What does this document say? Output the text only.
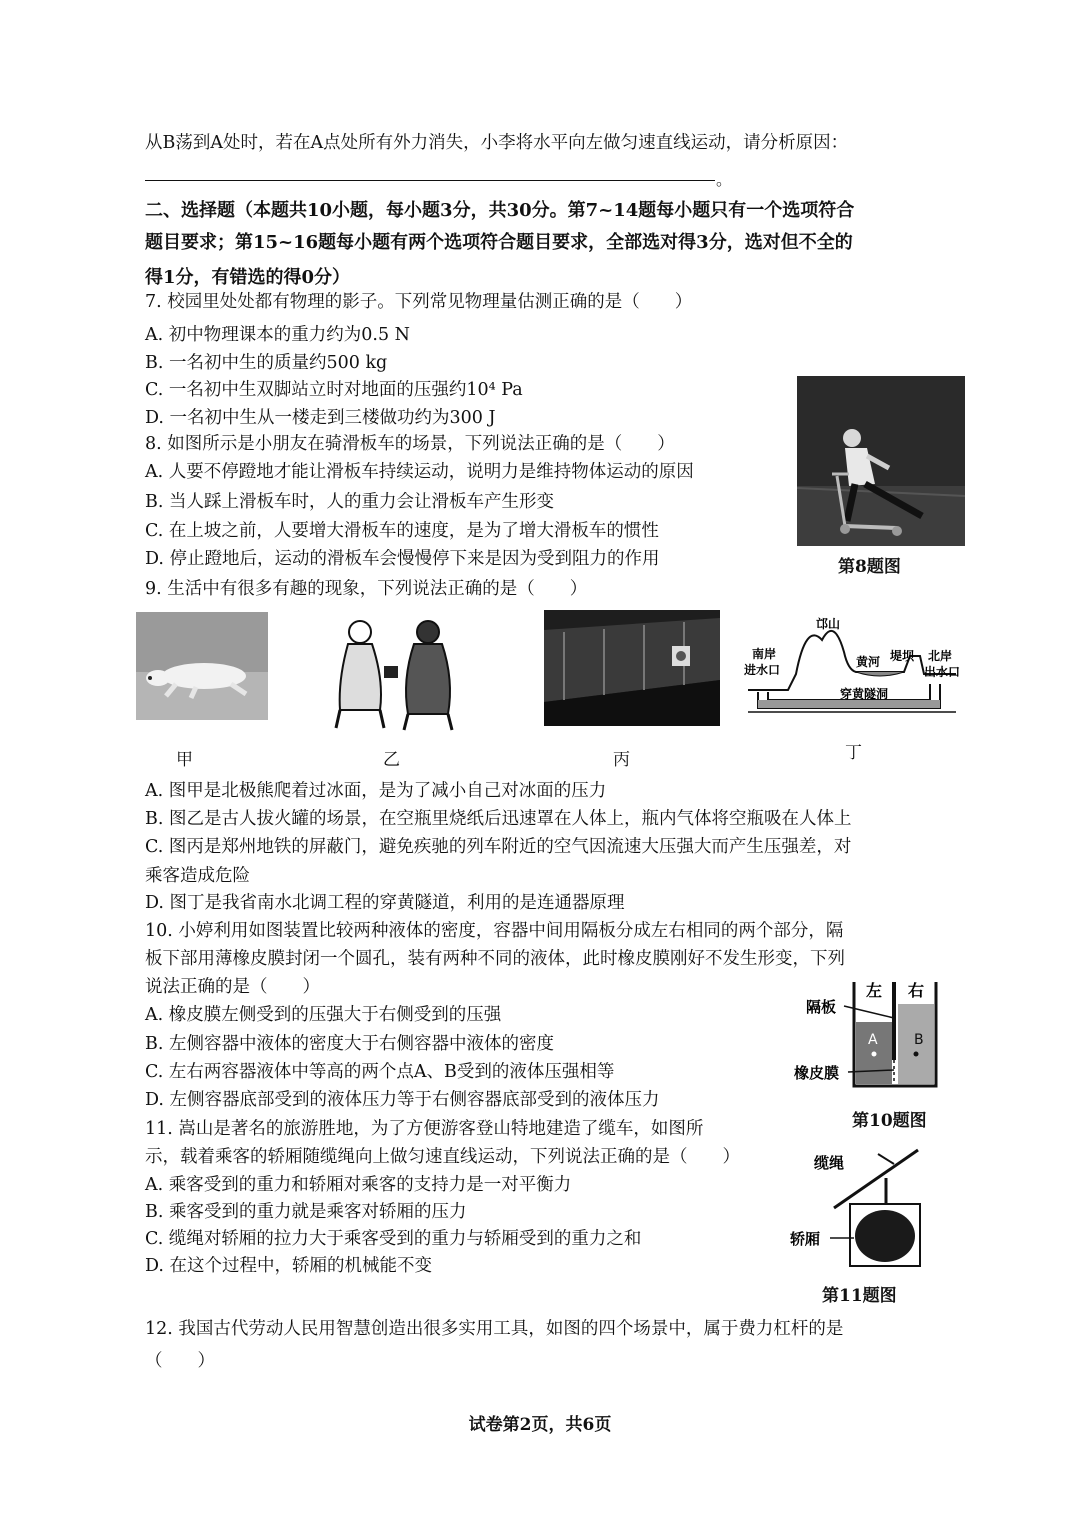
从B荡到A处时，若在A点处所有外力消失，小李将水平向左做匀速直线运动，请分析原因：
。
二、选择题（本题共10小题，每小题3分，共30分。第7~14题每小题只有一个选项符合
题目要求；第15~16题每小题有两个选项符合题目要求，全部选对得3分，选对但不全的
得1分，有错选的得0分）
7. 校园里处处都有物理的影子。下列常见物理量估测正确的是（　　）
A. 初中物理课本的重力约为0.5 N
B. 一名初中生的质量约500 kg
C. 一名初中生双脚站立时对地面的压强约10⁴ Pa
D. 一名初中生从一楼走到三楼做功约为300 J
8. 如图所示是小朋友在骑滑板车的场景，下列说法正确的是（　　）
A. 人要不停蹬地才能让滑板车持续运动，说明力是维持物体运动的原因
B. 当人踩上滑板车时，人的重力会让滑板车产生形变
C. 在上坡之前，人要增大滑板车的速度，是为了增大滑板车的惯性
D. 停止蹬地后，运动的滑板车会慢慢停下来是因为受到阻力的作用	第8题图
9. 生活中有很多有趣的现象，下列说法正确的是（　　）
邙山
南岸
进水口
黄河 堤坝 北岸
出水口
穿黄隧洞
甲	乙	丙	丁
A. 图甲是北极熊爬着过冰面，是为了减小自己对冰面的压力
B. 图乙是古人拔火罐的场景，在空瓶里烧纸后迅速罩在人体上，瓶内气体将空瓶吸在人体上
C. 图丙是郑州地铁的屏蔽门，避免疾驰的列车附近的空气因流速大压强大而产生压强差，对
乘客造成危险
D. 图丁是我省南水北调工程的穿黄隧道，利用的是连通器原理
10. 小婷利用如图装置比较两种液体的密度，容器中间用隔板分成左右相同的两个部分，隔
板下部用薄橡皮膜封闭一个圆孔，装有两种不同的液体，此时橡皮膜刚好不发生形变，下列
说法正确的是（　　）
A. 橡皮膜左侧受到的压强大于右侧受到的压强
B. 左侧容器中液体的密度大于右侧容器中液体的密度
C. 左右两容器液体中等高的两个点A、B受到的液体压强相等
D. 左侧容器底部受到的液体压力等于右侧容器底部受到的液体压力
左 右
隔板
橡皮膜
A	B
第10题图
11. 嵩山是著名的旅游胜地，为了方便游客登山特地建造了缆车，如图所
示，载着乘客的轿厢随缆绳向上做匀速直线运动，下列说法正确的是（　　）
A. 乘客受到的重力和轿厢对乘客的支持力是一对平衡力
B. 乘客受到的重力就是乘客对轿厢的压力
C. 缆绳对轿厢的拉力大于乘客受到的重力与轿厢受到的重力之和
D. 在这个过程中，轿厢的机械能不变
缆绳
轿厢
第11题图
12. 我国古代劳动人民用智慧创造出很多实用工具，如图的四个场景中，属于费力杠杆的是
（　　）
试卷第2页，共6页
